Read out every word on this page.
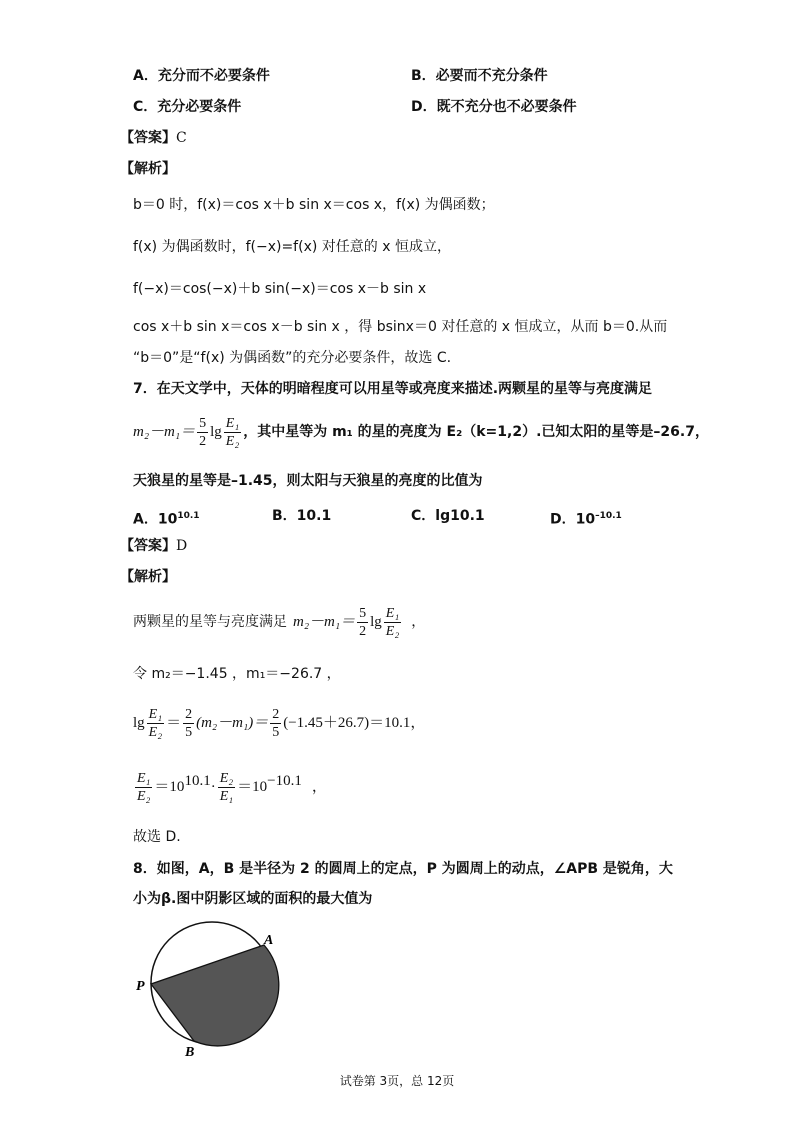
A．充分而不必要条件	B．必要而不充分条件
C．充分必要条件	D．既不充分也不必要条件
【答案】C
【解析】
b＝0 时，f(x)＝cos x＋b sin x＝cos x，f(x) 为偶函数；
f(x) 为偶函数时，f(−x)=f(x) 对任意的 x 恒成立，
f(−x)＝cos(−x)＋b sin(−x)＝cos x－b sin x
cos x＋b sin x＝cos x－b sin x ，得 bsinx＝0 对任意的 x 恒成立，从而 b＝0.从而
“b＝0”是“f(x) 为偶函数”的充分必要条件，故选 C.
7．在天文学中，天体的明暗程度可以用星等或亮度来描述.两颗星的星等与亮度满足
$m_2-m_1= \frac{5}{2}$ $\lg \frac{\text{E₁}}{\text{E₂}}$ ，其中星等为 m₁ 的星的亮度为 E₂（k=1,2）.已知太阳的星等是–26.7，
天狼星的星等是–1.45，则太阳与天狼星的亮度的比值为
A．$10^{10.1}$	B．10.1	C．lg10.1	D．$10^{-10.1}$
【答案】D
【解析】
两颗星的星等与亮度满足 $m_2-m_1= \frac{5}{2}$ $\lg \frac{\text{E₁}}{\text{E₂}}$ ，
令 m₂＝−1.45 ，m₁＝−26.7 ，
$\lg \frac{\text{E₁}}{\text{E₂}} = \frac{2}{5} (m_2-m_1)= \frac{2}{5} (-1.45+26.7)=10.1$，
$\frac{\text{E₁}}{\text{E₂}} =10$ $10.1 \cdot \frac{\text{E₂}}{\text{E₁}} =10 -10.1$ ，
故选 D.
8．如图，A，B 是半径为 2 的圆周上的定点，P 为圆周上的动点，∠APB 是锐角，大
小为β.图中阴影区域的面积的最大值为
A
P
B
试卷第 3页，总 12页
